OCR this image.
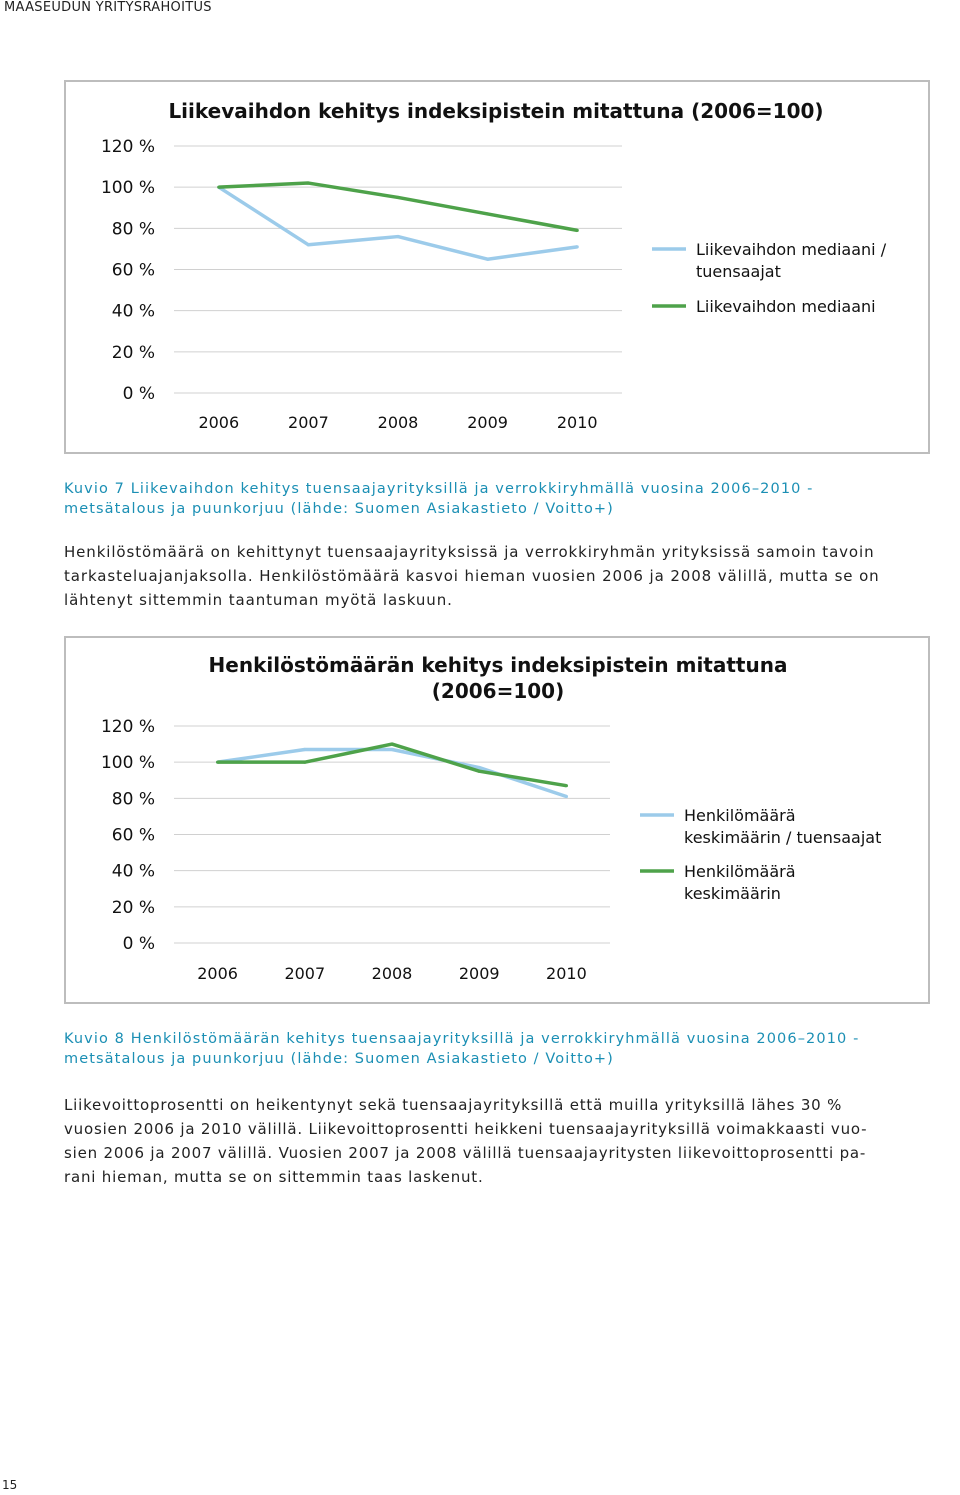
MAASEUDUN YRITYSRAHOITUS
Liikevaihdon kehitys indeksipistein mitattuna (2006=100)
0 %
20 %
40 %
60 %
80 %
100 %
120 %
2006	2007	2008	2009	2010
Liikevaihdon mediaani /
tuensaajat
Liikevaihdon mediaani
Kuvio 7 Liikevaihdon kehitys tuensaajayrityksillä ja verrokkiryhmällä vuosina 2006–2010 -
metsätalous ja puunkorjuu (lähde: Suomen Asiakastieto / Voitto+)
Henkilöstömäärä on kehittynyt tuensaajayrityksissä ja verrokkiryhmän yrityksissä samoin tavoin
tarkasteluajanjaksolla. Henkilöstömäärä kasvoi hieman vuosien 2006 ja 2008 välillä, mutta se on
lähtenyt sittemmin taantuman myötä laskuun.
Henkilöstömäärän kehitys indeksipistein mitattuna
(2006=100)
0 %
20 %
40 %
60 %
80 %
100 %
120 %
2006	2007	2008	2009	2010
Henkilömäärä
keskimäärin / tuensaajat
Henkilömäärä
keskimäärin
Kuvio 8 Henkilöstömäärän kehitys tuensaajayrityksillä ja verrokkiryhmällä vuosina 2006–2010 -
metsätalous ja puunkorjuu (lähde: Suomen Asiakastieto / Voitto+)
Liikevoittoprosentti on heikentynyt sekä tuensaajayrityksillä että muilla yrityksillä lähes 30 %
vuosien 2006 ja 2010 välillä. Liikevoittoprosentti heikkeni tuensaajayrityksillä voimakkaasti vuo-
sien 2006 ja 2007 välillä. Vuosien 2007 ja 2008 välillä tuensaajayritysten liikevoittoprosentti pa-
rani hieman, mutta se on sittemmin taas laskenut.
15
